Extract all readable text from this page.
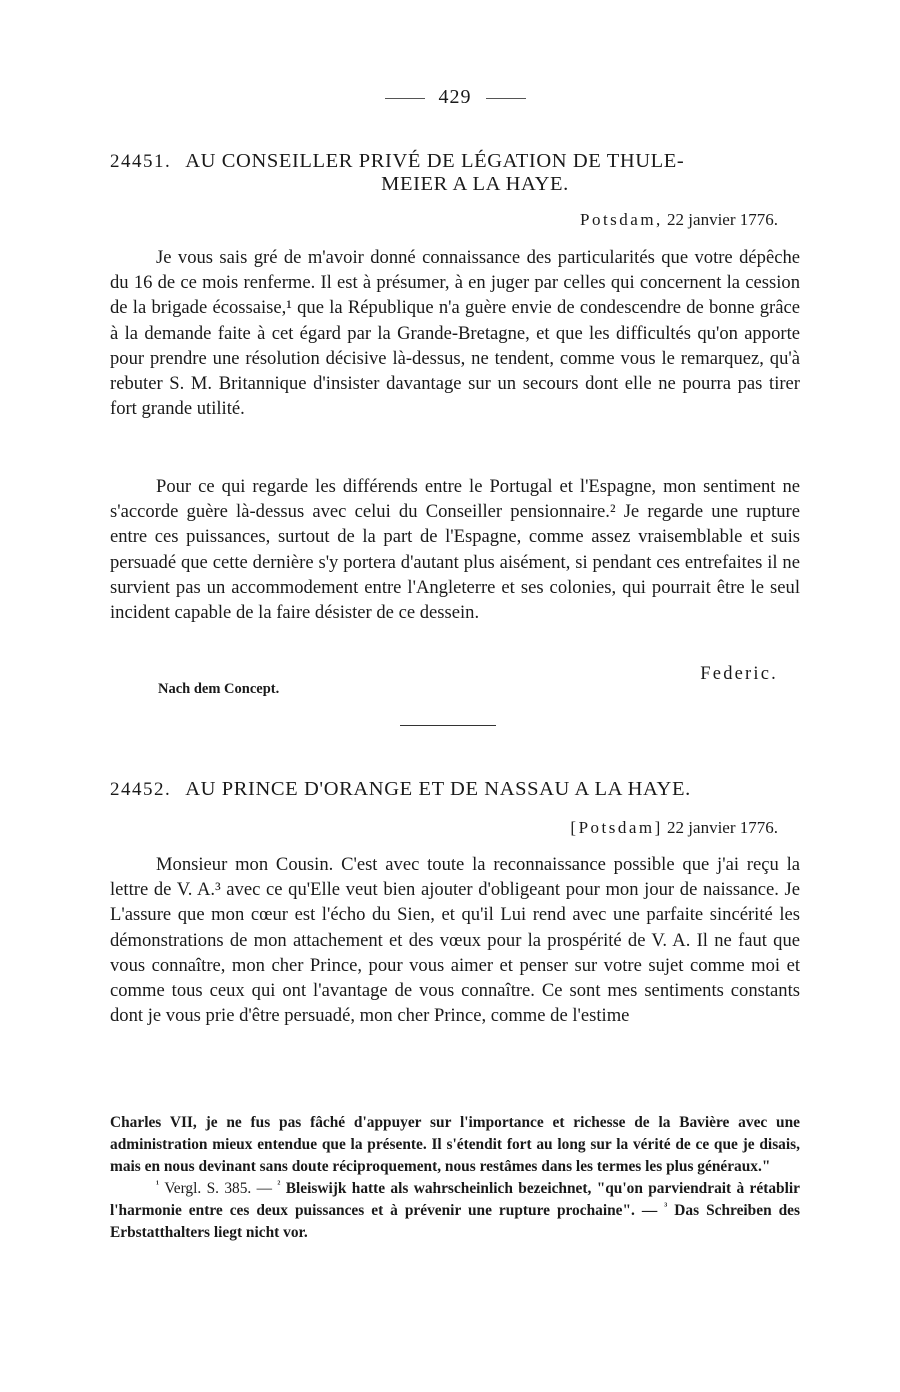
429
24451. AU CONSEILLER PRIVÉ DE LÉGATION DE THULE-
MEIER A LA HAYE.
Potsdam, 22 janvier 1776.

Je vous sais gré de m'avoir donné connaissance des particularités que votre dépêche du 16 de ce mois renferme. Il est à présumer, à en juger par celles qui concernent la cession de la brigade écossaise,¹ que la République n'a guère envie de condescendre de bonne grâce à la demande faite à cet égard par la Grande-Bretagne, et que les difficultés qu'on apporte pour prendre une résolution décisive là-dessus, ne tendent, comme vous le remarquez, qu'à rebuter S. M. Britannique d'insister davantage sur un secours dont elle ne pourra pas tirer fort grande utilité.

Pour ce qui regarde les différends entre le Portugal et l'Espagne, mon sentiment ne s'accorde guère là-dessus avec celui du Conseiller pensionnaire.² Je regarde une rupture entre ces puissances, surtout de la part de l'Espagne, comme assez vraisemblable et suis persuadé que cette dernière s'y portera d'autant plus aisément, si pendant ces entrefaites il ne survient pas un accommodement entre l'Angleterre et ses colonies, qui pourrait être le seul incident capable de la faire désister de ce dessein.

Federic.
Nach dem Concept.
24452. AU PRINCE D'ORANGE ET DE NASSAU A LA HAYE.
[Potsdam] 22 janvier 1776.

Monsieur mon Cousin. C'est avec toute la reconnaissance possible que j'ai reçu la lettre de V. A.³ avec ce qu'Elle veut bien ajouter d'obligeant pour mon jour de naissance. Je L'assure que mon cœur est l'écho du Sien, et qu'il Lui rend avec une parfaite sincérité les démonstrations de mon attachement et des vœux pour la prospérité de V. A. Il ne faut que vous connaître, mon cher Prince, pour vous aimer et penser sur votre sujet comme moi et comme tous ceux qui ont l'avantage de vous connaître. Ce sont mes sentiments constants dont je vous prie d'être persuadé, mon cher Prince, comme de l'estime

Charles VII, je ne fus pas fâché d'appuyer sur l'importance et richesse de la Bavière avec une administration mieux entendue que la présente. Il s'étendit fort au long sur la vérité de ce que je disais, mais en nous devinant sans doute réciproquement, nous restâmes dans les termes les plus généraux."

$^{^1}$ Vergl. S. 385. — $^{^2}$ Bleiswijk hatte als wahrscheinlich bezeichnet, "qu'on parviendrait à rétablir l'harmonie entre ces deux puissances et à prévenir une rupture prochaine". — $^{^3}$ Das Schreiben des Erbstatthalters liegt nicht vor.
